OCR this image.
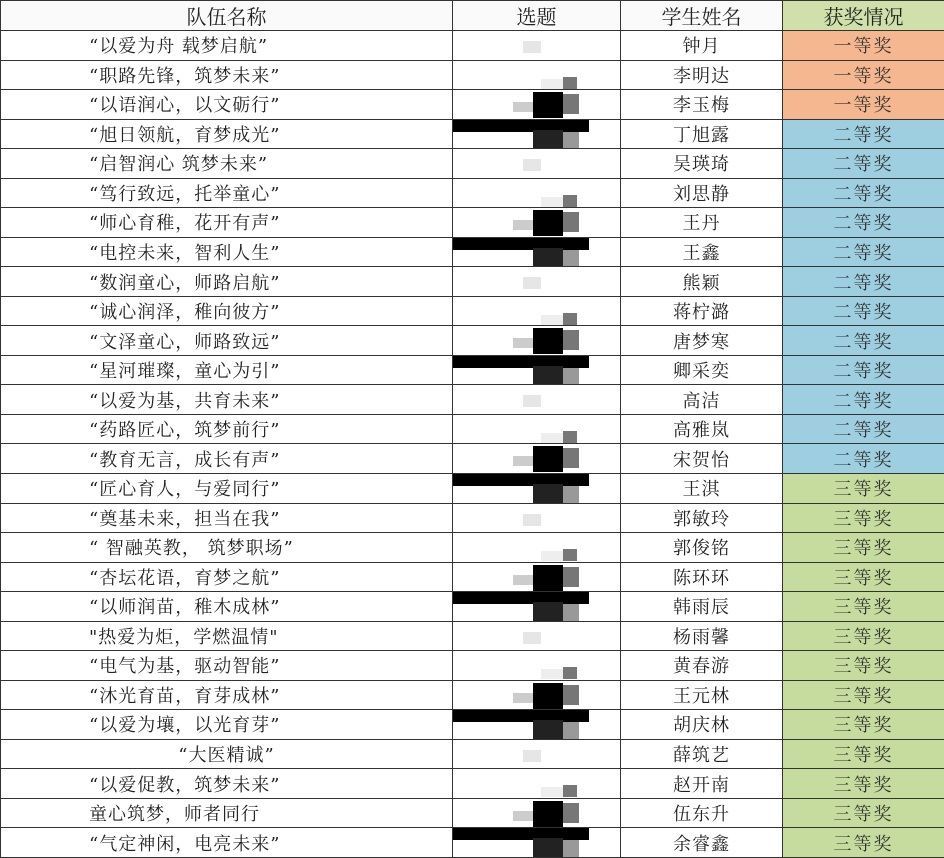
队伍名称	选题	学生姓名	获奖情况
“以爱为舟 载梦启航”		钟月	一等奖
“职路先锋，筑梦未来”		李明达	一等奖
“以语润心，以文砺行”		李玉梅	一等奖
“旭日领航，育梦成光”		丁旭露	二等奖
“启智润心 筑梦未来”		吴瑛琦	二等奖
“笃行致远，托举童心”		刘思静	二等奖
“师心育稚，花开有声”		王丹	二等奖
“电控未来，智利人生”		王鑫	二等奖
“数润童心，师路启航”		熊颖	二等奖
“诚心润泽，稚向彼方”		蒋柠潞	二等奖
“文泽童心，师路致远”		唐梦寒	二等奖
“星河璀璨，童心为引”		卿采奕	二等奖
“以爱为基，共育未来”		高洁	二等奖
“药路匠心，筑梦前行”		高雅岚	二等奖
“教育无言，成长有声”		宋贺怡	二等奖
“匠心育人，与爱同行”		王淇	三等奖
“奠基未来，担当在我”		郭敏玲	三等奖
“ 智融英教， 筑梦职场”		郭俊铭	三等奖
“杏坛花语，育梦之航”		陈环环	三等奖
“以师润苗，稚木成林”		韩雨辰	三等奖
"热爱为炬，学燃温情"		杨雨馨	三等奖
“电气为基，驱动智能”		黄春游	三等奖
“沐光育苗，育芽成林”		王元林	三等奖
“以爱为壤，以光育芽”		胡庆林	三等奖
“大医精诚”		薛筑艺	三等奖
“以爱促教，筑梦未来”		赵开南	三等奖
童心筑梦，师者同行		伍东升	三等奖
“气定神闲，电亮未来”		余睿鑫	三等奖
